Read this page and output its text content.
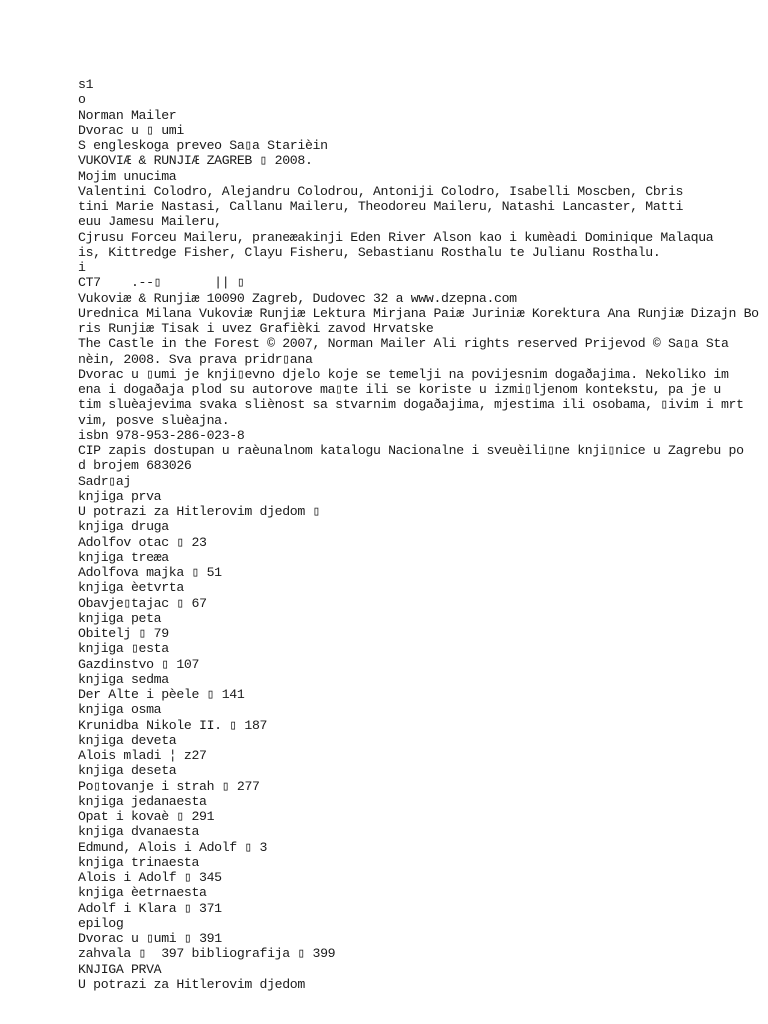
s1
o
Norman Mailer
Dvorac u ▯ umi
S engleskoga preveo Sa▯a Starièin
VUKOVIÆ & RUNJIÆ ZAGREB ▯ 2008.
Mojim unucima
Valentini Colodro, Alejandru Colodrou, Antoniji Colodro, Isabelli Moscben, Cbris
tini Marie Nastasi, Callanu Maileru, Theodoreu Maileru, Natashi Lancaster, Matti
euu Jamesu Maileru,
Cjrusu Forceu Maileru, praneæakinji Eden River Alson kao i kumèadi Dominique Malaqua
is, Kittredge Fisher, Clayu Fisheru, Sebastianu Rosthalu te Julianu Rosthalu.
i
CT7    .--▯       || ▯
Vukoviæ & Runjiæ 10090 Zagreb, Dudovec 32 a www.dzepna.com
Urednica Milana Vukoviæ Runjiæ Lektura Mirjana Paiæ Juriniæ Korektura Ana Runjiæ Dizajn Bo
ris Runjiæ Tisak i uvez Grafièki zavod Hrvatske
The Castle in the Forest © 2007, Norman Mailer Ali rights reserved Prijevod © Sa▯a Sta
nèin, 2008. Sva prava pridr▯ana
Dvorac u ▯umi je knji▯evno djelo koje se temelji na povijesnim dogaðajima. Nekoliko im
ena i dogaðaja plod su autorove ma▯te ili se koriste u izmi▯ljenom kontekstu, pa je u
tim sluèajevima svaka sliènost sa stvarnim dogaðajima, mjestima ili osobama, ▯ivim i mrt
vim, posve sluèajna.
isbn 978-953-286-023-8
CIP zapis dostupan u raèunalnom katalogu Nacionalne i sveuèili▯ne knji▯nice u Zagrebu po
d brojem 683026
Sadr▯aj
knjiga prva
U potrazi za Hitlerovim djedom ▯
knjiga druga
Adolfov otac ▯ 23
knjiga treæa
Adolfova majka ▯ 51
knjiga èetvrta
Obavje▯tajac ▯ 67
knjiga peta
Obitelj ▯ 79
knjiga ▯esta
Gazdinstvo ▯ 107
knjiga sedma
Der Alte i pèele ▯ 141
knjiga osma
Krunidba Nikole II. ▯ 187
knjiga deveta
Alois mladi ¦ z27
knjiga deseta
Po▯tovanje i strah ▯ 277
knjiga jedanaesta
Opat i kovaè ▯ 291
knjiga dvanaesta
Edmund, Alois i Adolf ▯ 3
knjiga trinaesta
Alois i Adolf ▯ 345
knjiga èetrnaesta
Adolf i Klara ▯ 371
epilog
Dvorac u ▯umi ▯ 391
zahvala ▯  397 bibliografija ▯ 399
KNJIGA PRVA
U potrazi za Hitlerovim djedom
